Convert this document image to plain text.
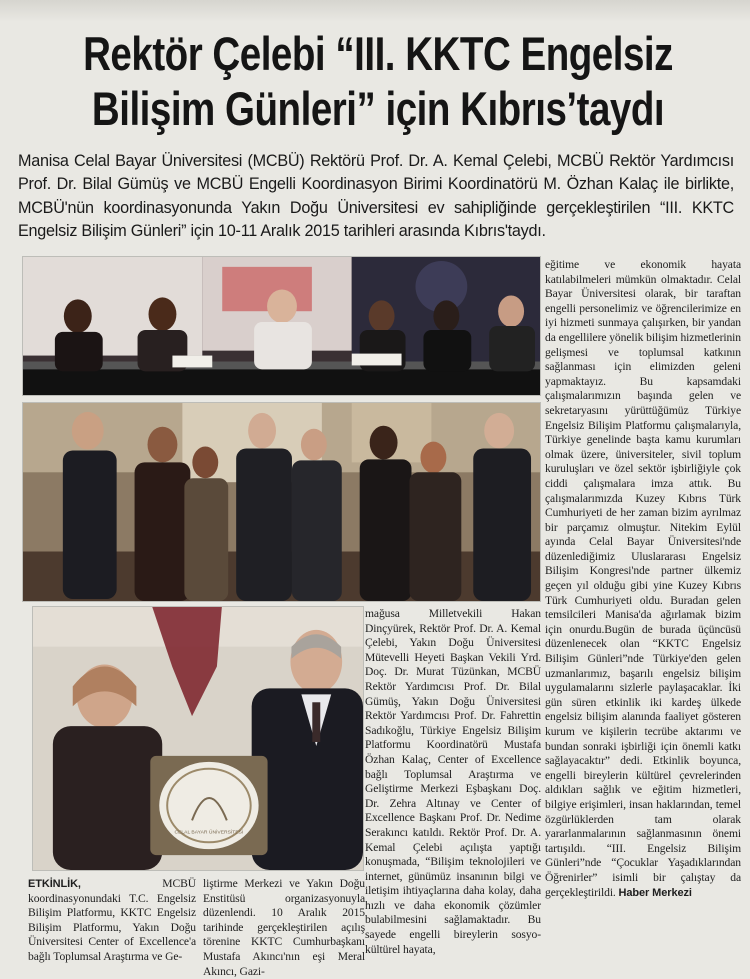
Rektör Çelebi “III. KKTC Engelsiz
Bilişim Günleri” için Kıbrıs’taydı

Manisa Celal Bayar Üniversitesi (MCBÜ) Rektörü Prof. Dr. A. Kemal Çelebi, MCBÜ Rektör Yardımcısı Prof. Dr. Bilal Gümüş ve MCBÜ Engelli Koordinasyon Birimi Koordinatörü M. Özhan Kalaç ile birlikte, MCBÜ'nün koordinasyonunda Yakın Doğu Üniversitesi ev sahipliğinde gerçekleştirilen “III. KKTC Engelsiz Bilişim Günleri” için 10-11 Aralık 2015 tarihleri arasında Kıbrıs'taydı.

CELAL BAYAR ÜNİVERSİTESİ

eğitime ve ekonomik hayata katılabilmeleri mümkün olmaktadır. Celal Bayar Üniversitesi olarak, bir taraftan engelli personelimiz ve öğrencilerimize en iyi hizmeti sunmaya çalışırken, bir yandan da engellilere yönelik bilişim hizmetlerinin gelişmesi ve toplumsal katkının sağlanması için elimizden geleni yapmaktayız. Bu kapsamdaki çalışmalarımızın başında gelen ve sekretaryasını yürüttüğümüz Türkiye Engelsiz Bilişim Platformu çalışmalarıyla, Türkiye genelinde başta kamu kurumları olmak üzere, üniversiteler, sivil toplum kuruluşları ve özel sektör işbirliğiyle çok ciddi çalışmalara imza attık. Bu çalışmalarımızda Kuzey Kıbrıs Türk Cumhuriyeti de her zaman bizim ayrılmaz bir parçamız olmuştur. Nitekim Eylül ayında Celal Bayar Üniversitesi'nde düzenlediğimiz Uluslararası Engelsiz Bilişim Kongresi'nde partner ülkemiz geçen yıl olduğu gibi yine Kuzey Kıbrıs Türk Cumhuriyeti oldu. Buradan gelen temsilcileri Manisa'da ağırlamak bizim için onurdu.Bugün de burada üçüncüsü düzenlenecek olan “KKTC Engelsiz Bilişim Günleri”nde Türkiye'den gelen uzmanlarımız, başarılı engelsiz bilişim uygulamalarını sizlerle paylaşacaklar. İki gün süren etkinlik iki kardeş ülkede engelsiz bilişim alanında faaliyet gösteren kurum ve kişilerin tecrübe aktarımı ve bundan sonraki işbirliği için önemli katkı sağlayacaktır” dedi. Etkinlik boyunca, engelli bireylerin kültürel çevrelerinden aldıkları sağlık ve eğitim hizmetleri, bilgiye erişimleri, insan haklarından, temel özgürlüklerden tam olarak yararlanmalarının sağlanmasının önemi tartışıldı. “III. Engelsiz Bilişim Günleri”nde “Çocuklar Yaşadıklarından Öğrenirler” isimli bir çalıştay da gerçekleştirildi. Haber Merkezi

mağusa Milletvekili Hakan Dinçyürek, Rektör Prof. Dr. A. Kemal Çelebi, Yakın Doğu Üniversitesi Mütevelli Heyeti Başkan Vekili Yrd. Doç. Dr. Murat Tüzünkan, MCBÜ Rektör Yardımcısı Prof. Dr. Bilal Gümüş, Yakın Doğu Üniversitesi Rektör Yardımcısı Prof. Dr. Fahrettin Sadıkoğlu, Türkiye Engelsiz Bilişim Platformu Koordinatörü Mustafa Özhan Kalaç, Center of Excellence bağlı Toplumsal Araştırma ve Geliştirme Merkezi Eşbaşkanı Doç. Dr. Zehra Altınay ve Center of Excellence Başkanı Prof. Dr. Nedime Serakıncı katıldı. Rektör Prof. Dr. A. Kemal Çelebi açılışta yaptığı konuşmada, “Bilişim teknolojileri ve internet, günümüz insanının bilgi ve iletişim ihtiyaçlarına daha kolay, daha hızlı ve daha ekonomik çözümler bulabilmesini sağlamaktadır. Bu sayede engelli bireylerin sosyo-kültürel hayata,

ETKİNLİK, MCBÜ koordinasyonundaki T.C. Engelsiz Bilişim Platformu, KKTC Engelsiz Bilişim Platformu, Yakın Doğu Üniversitesi Center of Excellence'a bağlı Toplumsal Araştırma ve Ge-

liştirme Merkezi ve Yakın Doğu Enstitüsü organizasyonuyla düzenlendi. 10 Aralık 2015 tarihinde gerçekleştirilen açılış törenine KKTC Cumhurbaşkanı Mustafa Akıncı'nın eşi Meral Akıncı, Gazi-
